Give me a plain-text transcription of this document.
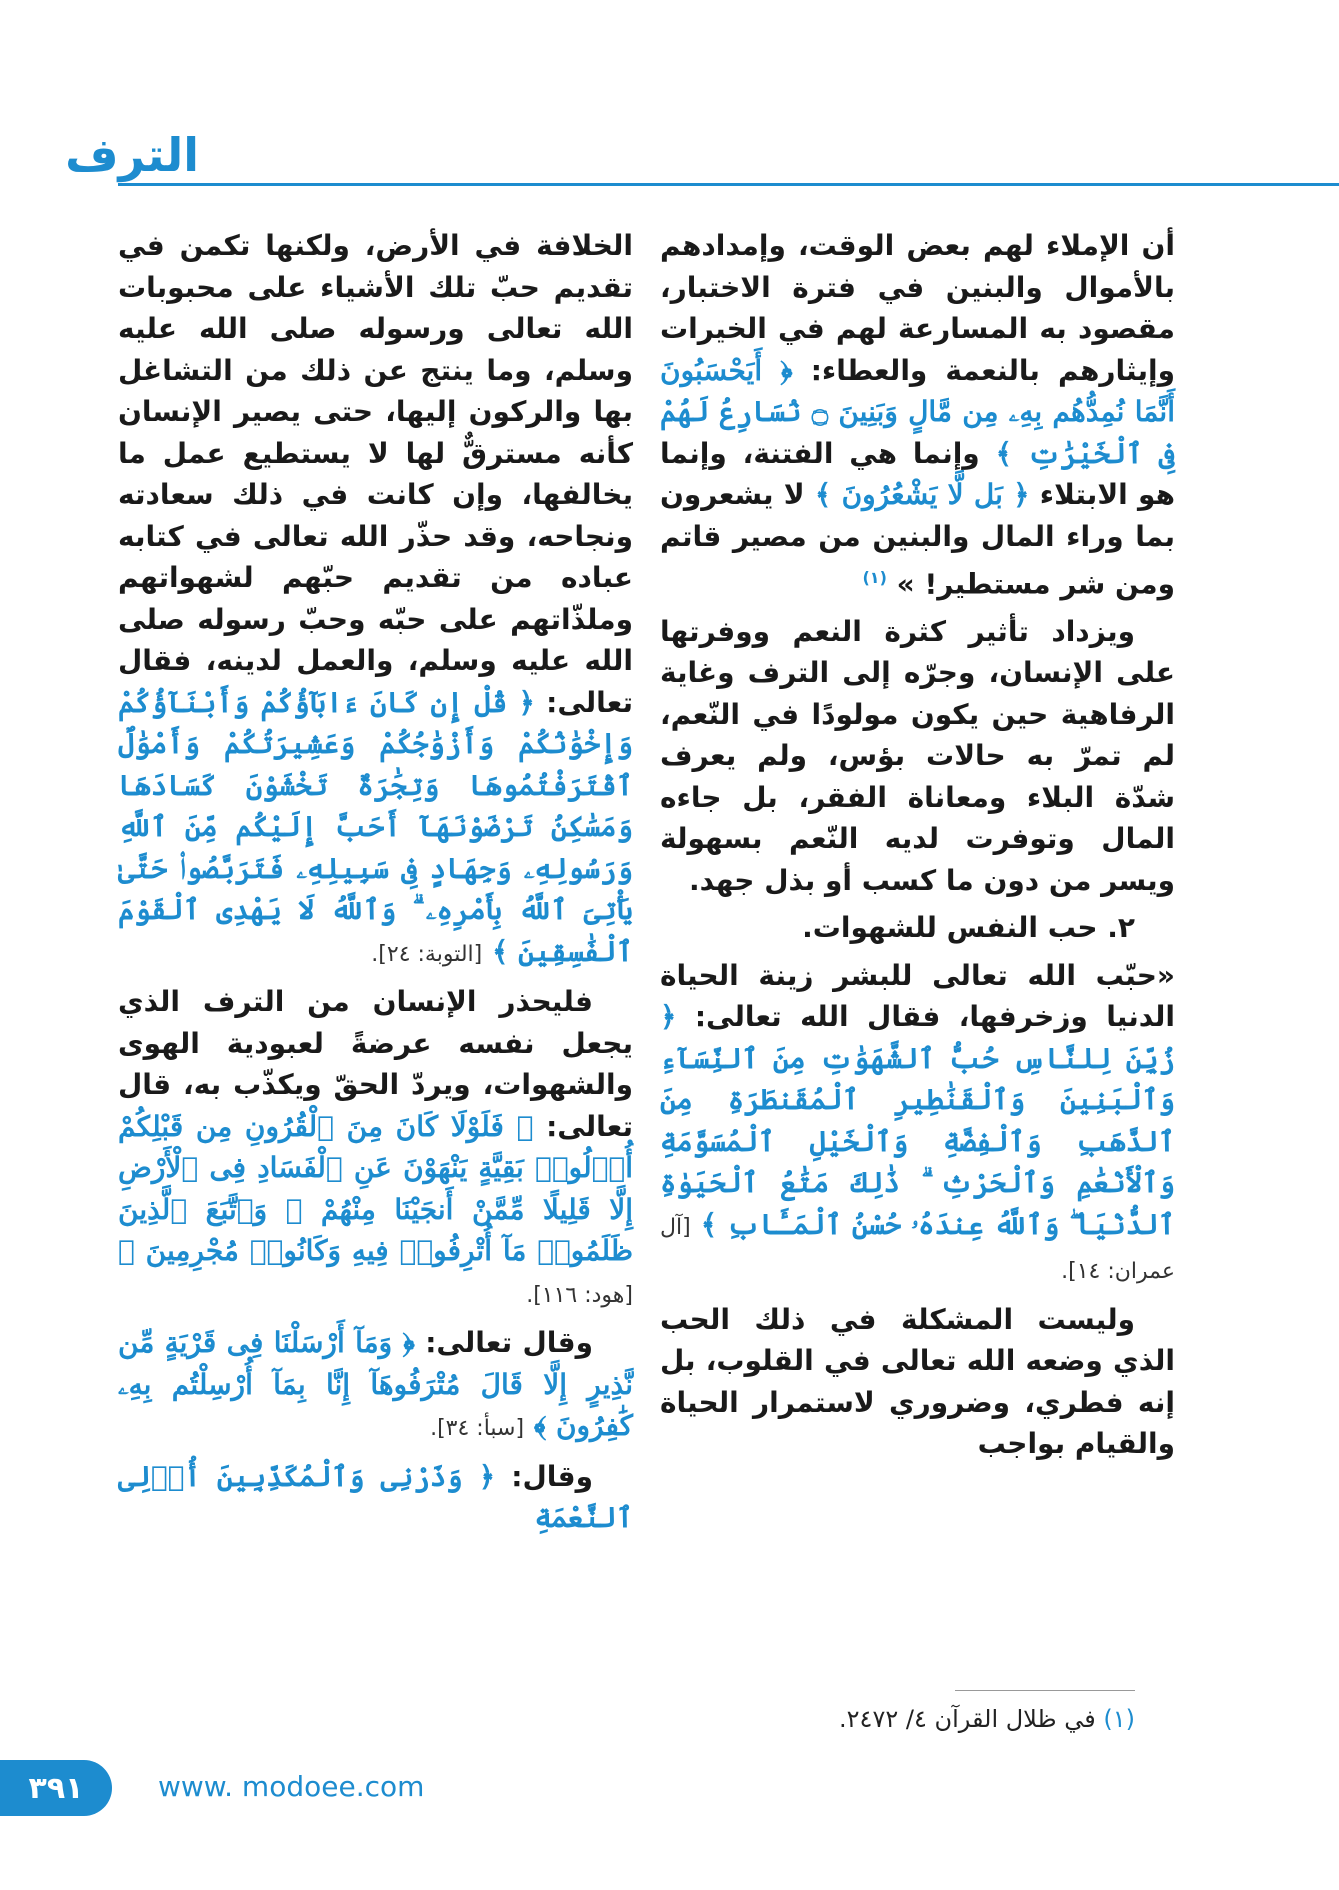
الترف

أن الإملاء لهم بعض الوقت، وإمدادهم بالأموال والبنين في فترة الاختبار، مقصود به المسارعة لهم في الخيرات وإيثارهم بالنعمة والعطاء: ﴿ أَيَحْسَبُونَ أَنَّمَا نُمِدُّهُم بِهِۦ مِن مَّالٍ وَبَنِينَ ۝ نُسَارِعُ لَهُمْ فِى ٱلْخَيْرَٰتِ ﴾ وإنما هي الفتنة، وإنما هو الابتلاء ﴿ بَل لَّا يَشْعُرُونَ ﴾ لا يشعرون بما وراء المال والبنين من مصير قاتم ومن شر مستطير! » $^{(١)}$

ويزداد تأثير كثرة النعم ووفرتها على الإنسان، وجرّه إلى الترف وغاية الرفاهية حين يكون مولودًا في النّعم، لم تمرّ به حالات بؤس، ولم يعرف شدّة البلاء ومعاناة الفقر، بل جاءه المال وتوفرت لديه النّعم بسهولة ويسر من دون ما كسب أو بذل جهد.

٢. حب النفس للشهوات.

«حبّب الله تعالى للبشر زينة الحياة الدنيا وزخرفها، فقال الله تعالى: ﴿ زُيِّنَ لِلنَّاسِ حُبُّ ٱلشَّهَوَٰتِ مِنَ ٱلنِّسَآءِ وَٱلْبَنِينَ وَٱلْقَنَٰطِيرِ ٱلْمُقَنطَرَةِ مِنَ ٱلذَّهَبِ وَٱلْفِضَّةِ وَٱلْخَيْلِ ٱلْمُسَوَّمَةِ وَٱلْأَنْعَٰمِ وَٱلْحَرْثِ ۗ ذَٰلِكَ مَتَٰعُ ٱلْحَيَوٰةِ ٱلدُّنْيَا ۖ وَٱللَّهُ عِندَهُۥ حُسْنُ ٱلْمَـَٔابِ ﴾ [آل عمران: ١٤].

وليست المشكلة في ذلك الحب الذي وضعه الله تعالى في القلوب، بل إنه فطري، وضروري لاستمرار الحياة والقيام بواجب

الخلافة في الأرض، ولكنها تكمن في تقديم حبّ تلك الأشياء على محبوبات الله تعالى ورسوله صلى الله عليه وسلم، وما ينتج عن ذلك من التشاغل بها والركون إليها، حتى يصير الإنسان كأنه مسترقٌّ لها لا يستطيع عمل ما يخالفها، وإن كانت في ذلك سعادته ونجاحه، وقد حذّر الله تعالى في كتابه عباده من تقديم حبّهم لشهواتهم وملذّاتهم على حبّه وحبّ رسوله صلى الله عليه وسلم، والعمل لدينه، فقال تعالى: ﴿ قُلْ إِن كَانَ ءَابَآؤُكُمْ وَأَبْنَآؤُكُمْ وَإِخْوَٰنُكُمْ وَأَزْوَٰجُكُمْ وَعَشِيرَتُكُمْ وَأَمْوَٰلٌ ٱقْتَرَفْتُمُوهَا وَتِجَٰرَةٌ تَخْشَوْنَ كَسَادَهَا وَمَسَٰكِنُ تَرْضَوْنَهَآ أَحَبَّ إِلَيْكُم مِّنَ ٱللَّهِ وَرَسُولِهِۦ وَجِهَادٍ فِى سَبِيلِهِۦ فَتَرَبَّصُوا۟ حَتَّىٰ يَأْتِىَ ٱللَّهُ بِأَمْرِهِۦ ۗ وَٱللَّهُ لَا يَهْدِى ٱلْقَوْمَ ٱلْفَٰسِقِينَ ﴾ [التوبة: ٢٤].

فليحذر الإنسان من الترف الذي يجعل نفسه عرضةً لعبودية الهوى والشهوات، ويردّ الحقّ ويكذّب به، قال تعالى: ﴿ فَلَوْلَا كَانَ مِنَ ٱلْقُرُونِ مِن قَبْلِكُمْ أُو۟لُوا۟ بَقِيَّةٍ يَنْهَوْنَ عَنِ ٱلْفَسَادِ فِى ٱلْأَرْضِ إِلَّا قَلِيلًا مِّمَّنْ أَنجَيْنَا مِنْهُمْ ۗ وَٱتَّبَعَ ٱلَّذِينَ ظَلَمُوا۟ مَآ أُتْرِفُوا۟ فِيهِ وَكَانُوا۟ مُجْرِمِينَ ﴾ [هود: ١١٦].

وقال تعالى: ﴿ وَمَآ أَرْسَلْنَا فِى قَرْيَةٍ مِّن نَّذِيرٍ إِلَّا قَالَ مُتْرَفُوهَآ إِنَّا بِمَآ أُرْسِلْتُم بِهِۦ كَٰفِرُونَ ﴾ [سبأ: ٣٤].

وقال: ﴿ وَذَرْنِى وَٱلْمُكَذِّبِينَ أُو۟لِى ٱلنَّعْمَةِ

(١) في ظلال القرآن ٤/ ٢٤٧٢.
٣٩١	www. modoee.com
